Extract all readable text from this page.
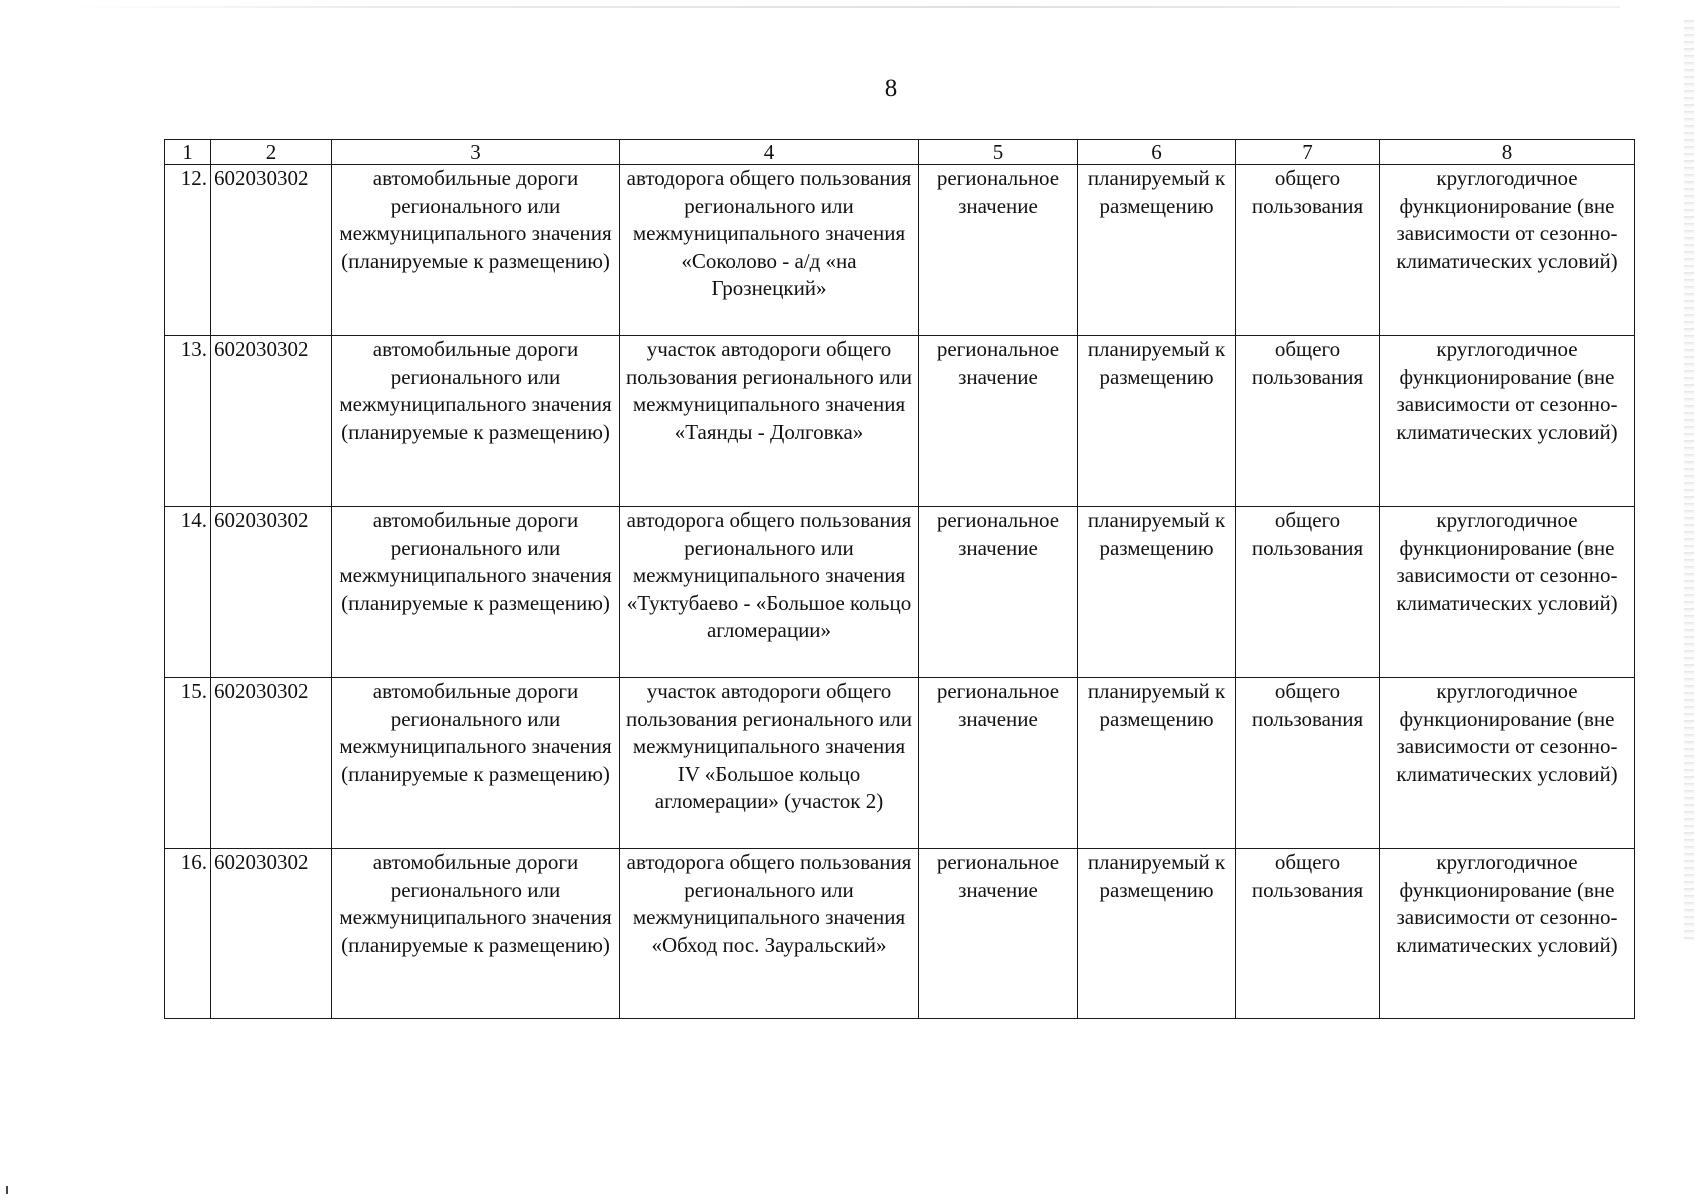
8
1	2	3	4	5	6	7	8
12.	602030302	автомобильные дороги регионального или межмуниципального значения (планируемые к размещению)	автодорога общего пользования регионального или межмуниципального значения «Соколово - а/д «на Грознецкий»	региональное значение	планируемый к размещению	общего пользования	круглогодичное функционирование (вне зависимости от сезонно-климатических условий)
13.	602030302	автомобильные дороги регионального или межмуниципального значения (планируемые к размещению)	участок автодороги общего пользования регионального или межмуниципального значения «Таянды - Долговка»	региональное значение	планируемый к размещению	общего пользования	круглогодичное функционирование (вне зависимости от сезонно-климатических условий)
14.	602030302	автомобильные дороги регионального или межмуниципального значения (планируемые к размещению)	автодорога общего пользования регионального или межмуниципального значения «Туктубаево - «Большое кольцо агломерации»	региональное значение	планируемый к размещению	общего пользования	круглогодичное функционирование (вне зависимости от сезонно-климатических условий)
15.	602030302	автомобильные дороги регионального или межмуниципального значения (планируемые к размещению)	участок автодороги общего пользования регионального или межмуниципального значения IV «Большое кольцо агломерации» (участок 2)	региональное значение	планируемый к размещению	общего пользования	круглогодичное функционирование (вне зависимости от сезонно-климатических условий)
16.	602030302	автомобильные дороги регионального или межмуниципального значения (планируемые к размещению)	автодорога общего пользования регионального или межмуниципального значения «Обход пос. Зауральский»	региональное значение	планируемый к размещению	общего пользования	круглогодичное функционирование (вне зависимости от сезонно-климатических условий)
